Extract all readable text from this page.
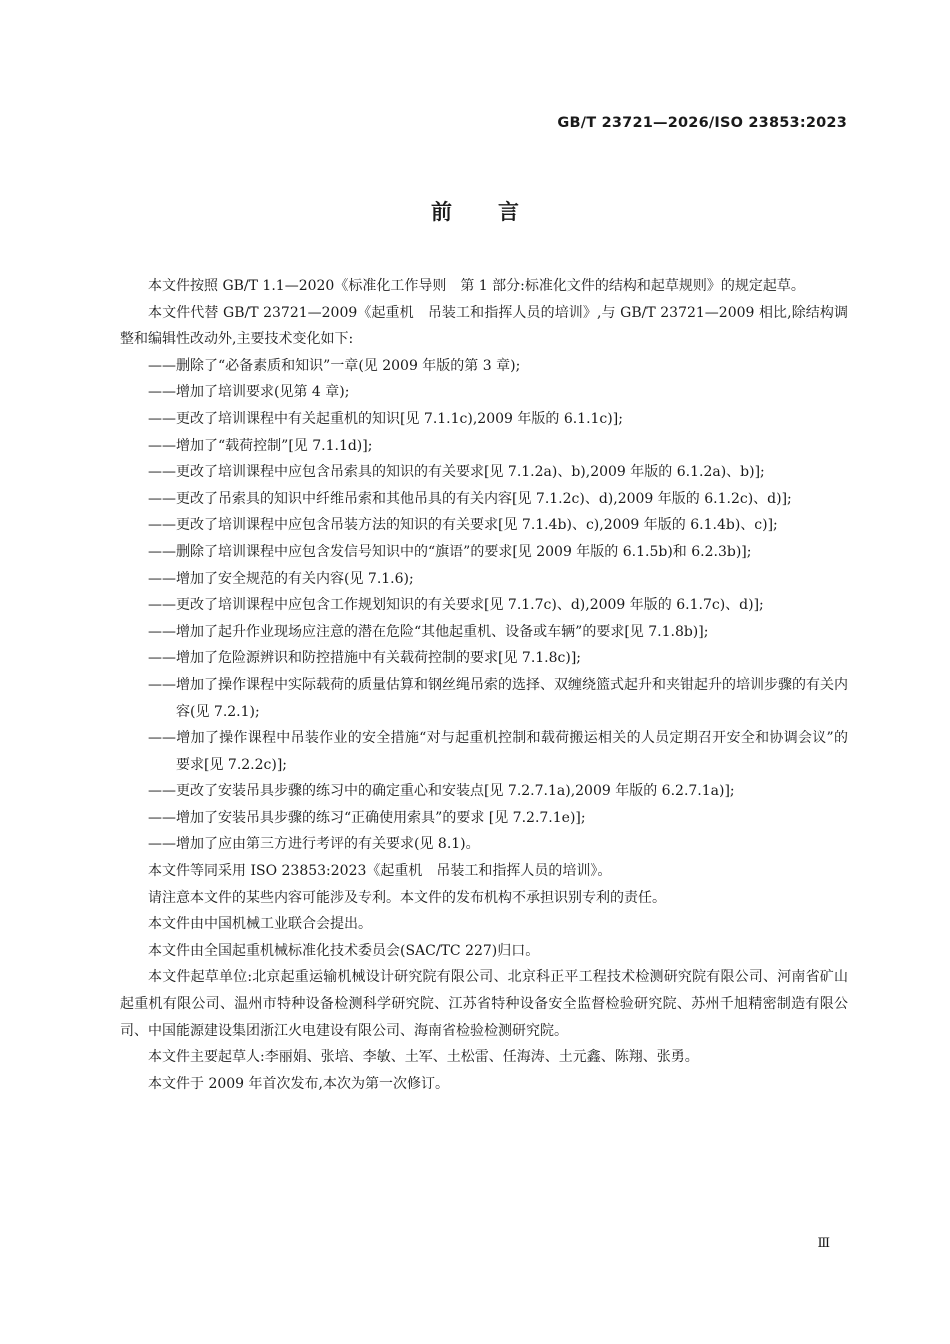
GB/T 23721—2026/ISO 23853:2023
前言

本文件按照 GB/T 1.1—2020《标准化工作导则　第 1 部分:标准化文件的结构和起草规则》的规定起草。

本文件代替 GB/T 23721—2009《起重机　吊装工和指挥人员的培训》,与 GB/T 23721—2009 相比,除结构调整和编辑性改动外,主要技术变化如下:

——删除了“必备素质和知识”一章(见 2009 年版的第 3 章);

——增加了培训要求(见第 4 章);

——更改了培训课程中有关起重机的知识[见 7.1.1c),2009 年版的 6.1.1c)];

——增加了“载荷控制”[见 7.1.1d)];

——更改了培训课程中应包含吊索具的知识的有关要求[见 7.1.2a)、b),2009 年版的 6.1.2a)、b)];

——更改了吊索具的知识中纤维吊索和其他吊具的有关内容[见 7.1.2c)、d),2009 年版的 6.1.2c)、d)];

——更改了培训课程中应包含吊装方法的知识的有关要求[见 7.1.4b)、c),2009 年版的 6.1.4b)、c)];

——删除了培训课程中应包含发信号知识中的“旗语”的要求[见 2009 年版的 6.1.5b)和 6.2.3b)];

——增加了安全规范的有关内容(见 7.1.6);

——更改了培训课程中应包含工作规划知识的有关要求[见 7.1.7c)、d),2009 年版的 6.1.7c)、d)];

——增加了起升作业现场应注意的潜在危险“其他起重机、设备或车辆”的要求[见 7.1.8b)];

——增加了危险源辨识和防控措施中有关载荷控制的要求[见 7.1.8c)];

——增加了操作课程中实际载荷的质量估算和钢丝绳吊索的选择、双缠绕篮式起升和夹钳起升的培训步骤的有关内容(见 7.2.1);

——增加了操作课程中吊装作业的安全措施“对与起重机控制和载荷搬运相关的人员定期召开安全和协调会议”的要求[见 7.2.2c)];

——更改了安装吊具步骤的练习中的确定重心和安装点[见 7.2.7.1a),2009 年版的 6.2.7.1a)];

——增加了安装吊具步骤的练习“正确使用索具”的要求 [见 7.2.7.1e)];

——增加了应由第三方进行考评的有关要求(见 8.1)。

本文件等同采用 ISO 23853:2023《起重机　吊装工和指挥人员的培训》。

请注意本文件的某些内容可能涉及专利。本文件的发布机构不承担识别专利的责任。

本文件由中国机械工业联合会提出。

本文件由全国起重机械标准化技术委员会(SAC/TC 227)归口。

本文件起草单位:北京起重运输机械设计研究院有限公司、北京科正平工程技术检测研究院有限公司、河南省矿山起重机有限公司、温州市特种设备检测科学研究院、江苏省特种设备安全监督检验研究院、苏州千旭精密制造有限公司、中国能源建设集团浙江火电建设有限公司、海南省检验检测研究院。

本文件主要起草人:李丽娟、张培、李敏、土军、土松雷、任海涛、土元鑫、陈翔、张勇。

本文件于 2009 年首次发布,本次为第一次修订。

Ⅲ
